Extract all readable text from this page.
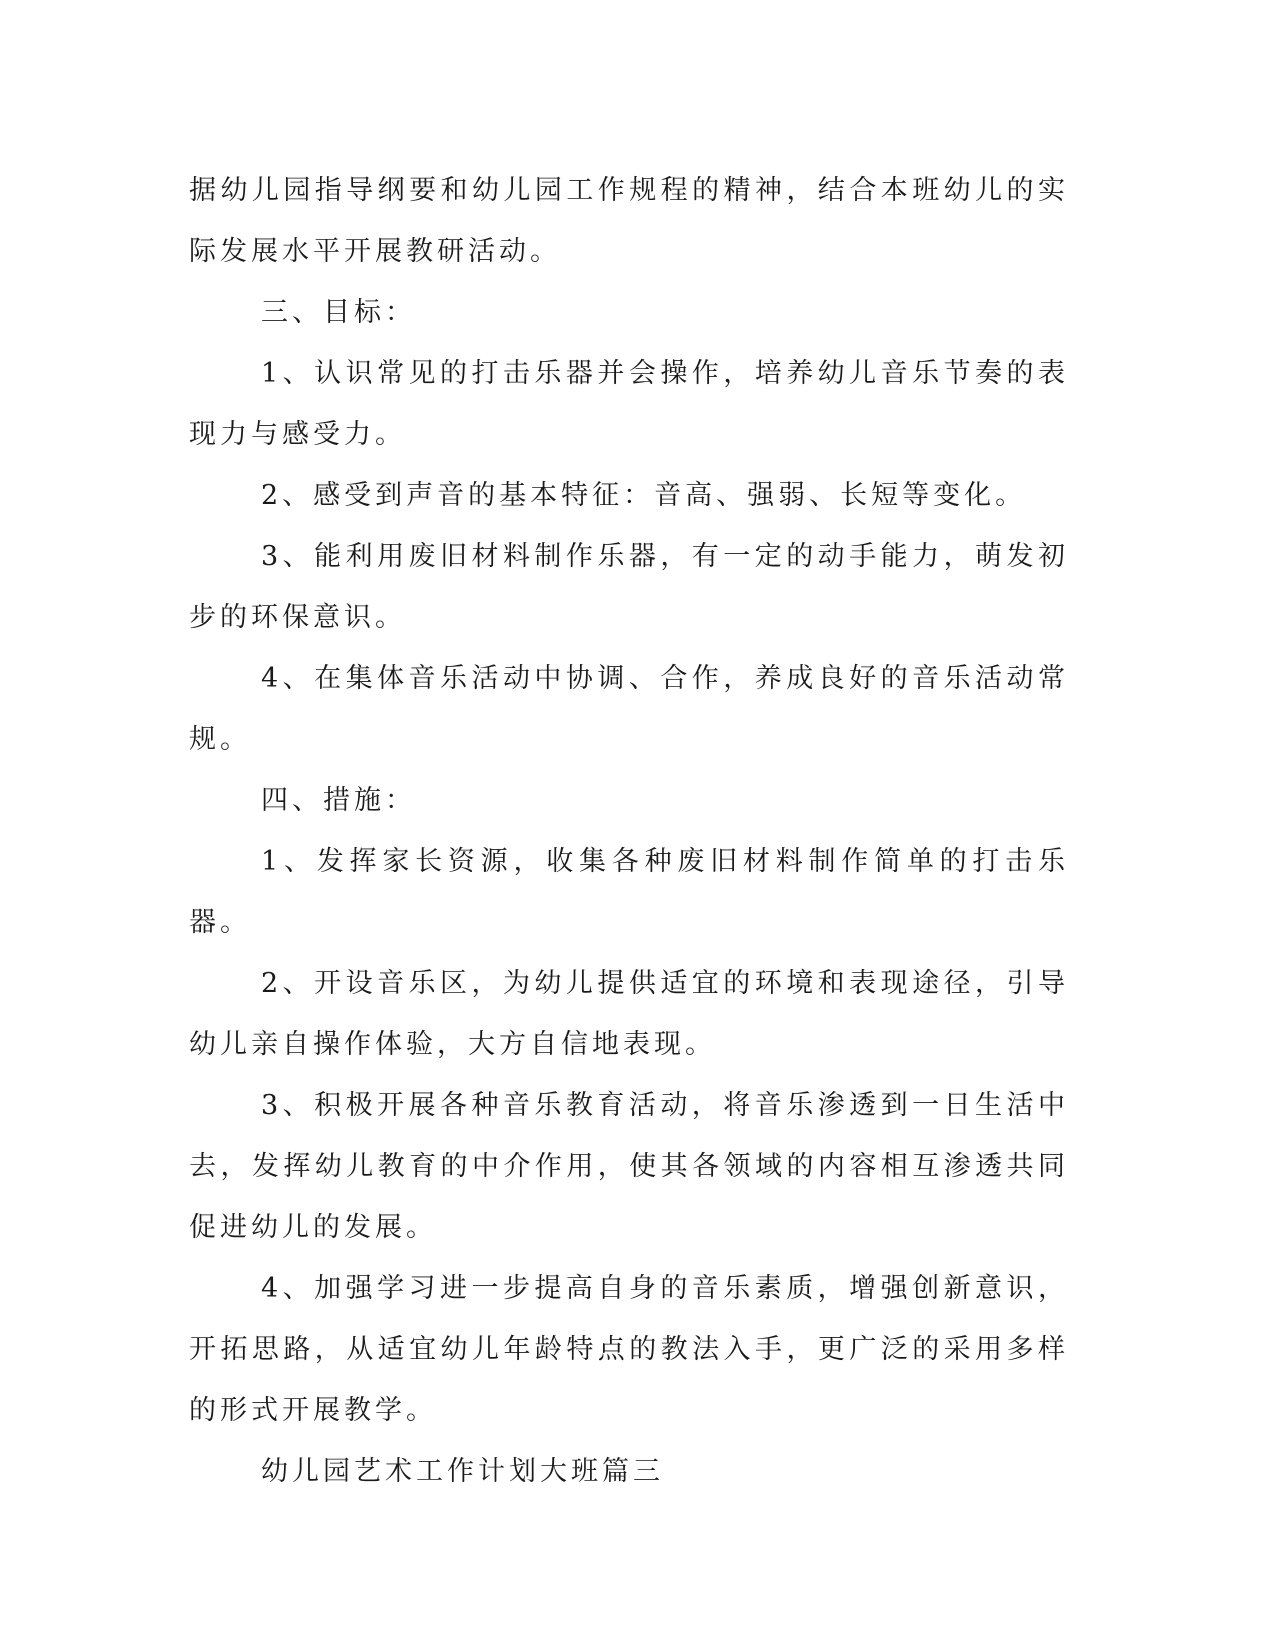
据幼儿园指导纲要和幼儿园工作规程的精神，结合本班幼儿的实际发展水平开展教研活动。

三、目标：

1、认识常见的打击乐器并会操作，培养幼儿音乐节奏的表现力与感受力。

2、感受到声音的基本特征：音高、强弱、长短等变化。

3、能利用废旧材料制作乐器，有一定的动手能力，萌发初步的环保意识。

4、在集体音乐活动中协调、合作，养成良好的音乐活动常规。

四、措施：

1、发挥家长资源，收集各种废旧材料制作简单的打击乐器。

2、开设音乐区，为幼儿提供适宜的环境和表现途径，引导幼儿亲自操作体验，大方自信地表现。

3、积极开展各种音乐教育活动，将音乐渗透到一日生活中去，发挥幼儿教育的中介作用，使其各领域的内容相互渗透共同促进幼儿的发展。

4、加强学习进一步提高自身的音乐素质，增强创新意识，开拓思路，从适宜幼儿年龄特点的教法入手，更广泛的采用多样的形式开展教学。

幼儿园艺术工作计划大班篇三
